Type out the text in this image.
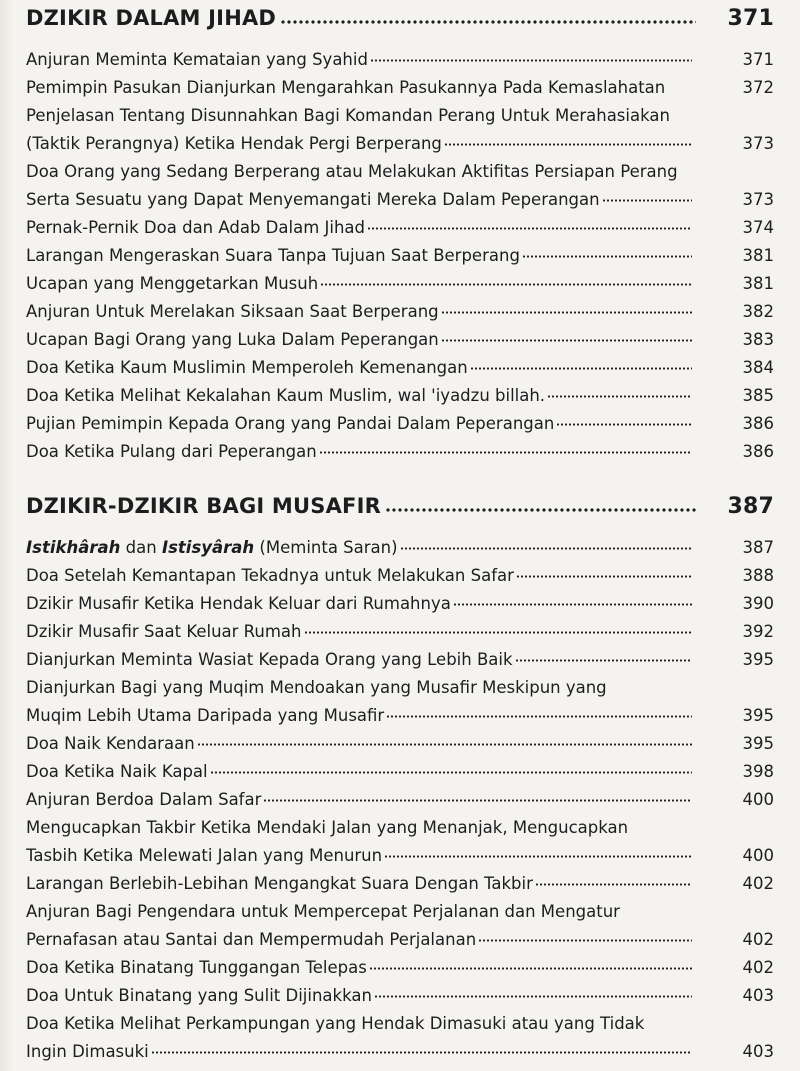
DZIKIR DALAM JIHAD	371
Anjuran Meminta Kemataian yang Syahid	371
Pemimpin Pasukan Dianjurkan Mengarahkan Pasukannya Pada Kemaslahatan	372
Penjelasan Tentang Disunnahkan Bagi Komandan Perang Untuk Merahasiakan
(Taktik Perangnya) Ketika Hendak Pergi Berperang	373
Doa Orang yang Sedang Berperang atau Melakukan Aktifitas Persiapan Perang
Serta Sesuatu yang Dapat Menyemangati Mereka Dalam Peperangan	373
Pernak-Pernik Doa dan Adab Dalam Jihad	374
Larangan Mengeraskan Suara Tanpa Tujuan Saat Berperang	381
Ucapan yang Menggetarkan Musuh	381
Anjuran Untuk Merelakan Siksaan Saat Berperang	382
Ucapan Bagi Orang yang Luka Dalam Peperangan	383
Doa Ketika Kaum Muslimin Memperoleh Kemenangan	384
Doa Ketika Melihat Kekalahan Kaum Muslim, wal 'iyadzu billah.	385
Pujian Pemimpin Kepada Orang yang Pandai Dalam Peperangan	386
Doa Ketika Pulang dari Peperangan	386
DZIKIR-DZIKIR BAGI MUSAFIR	387
Istikhârah dan Istisyârah (Meminta Saran)	387
Doa Setelah Kemantapan Tekadnya untuk Melakukan Safar	388
Dzikir Musafir Ketika Hendak Keluar dari Rumahnya	390
Dzikir Musafir Saat Keluar Rumah	392
Dianjurkan Meminta Wasiat Kepada Orang yang Lebih Baik	395
Dianjurkan Bagi yang Muqim Mendoakan yang Musafir Meskipun yang
Muqim Lebih Utama Daripada yang Musafir	395
Doa Naik Kendaraan	395
Doa Ketika Naik Kapal	398
Anjuran Berdoa Dalam Safar	400
Mengucapkan Takbir Ketika Mendaki Jalan yang Menanjak, Mengucapkan
Tasbih Ketika Melewati Jalan yang Menurun	400
Larangan Berlebih-Lebihan Mengangkat Suara Dengan Takbir	402
Anjuran Bagi Pengendara untuk Mempercepat Perjalanan dan Mengatur
Pernafasan atau Santai dan Mempermudah Perjalanan	402
Doa Ketika Binatang Tunggangan Telepas	402
Doa Untuk Binatang yang Sulit Dijinakkan	403
Doa Ketika Melihat Perkampungan yang Hendak Dimasuki atau yang Tidak
Ingin Dimasuki	403
